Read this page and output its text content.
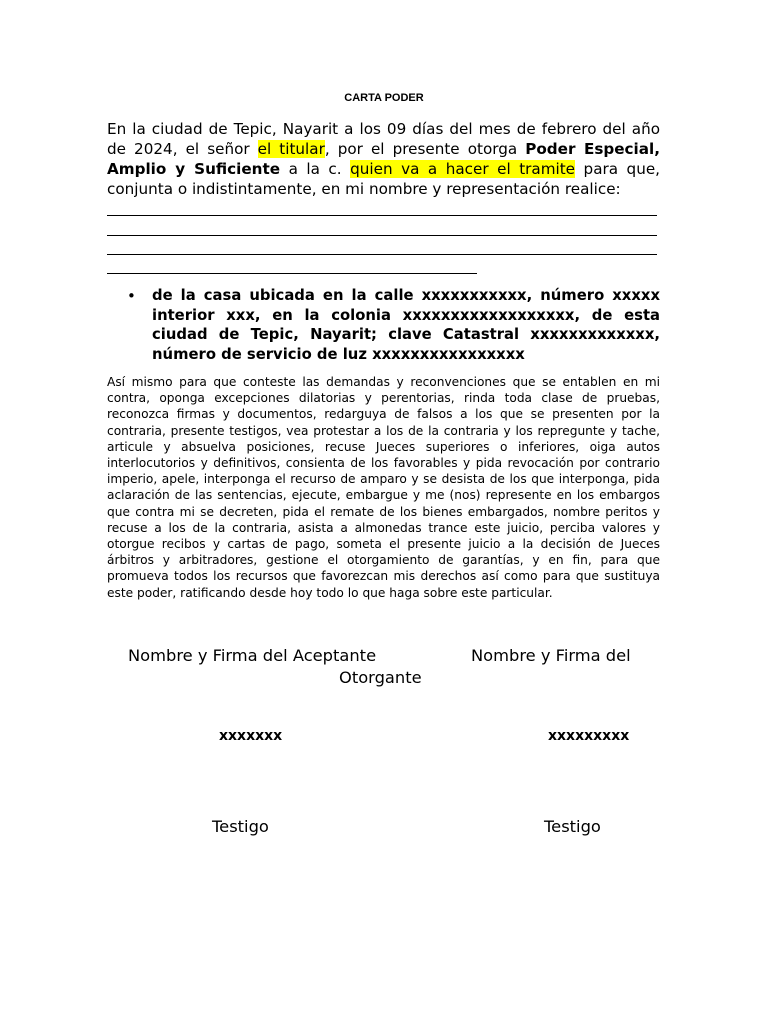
CARTA PODER

En la ciudad de Tepic, Nayarit a los 09 días del mes de febrero del año de 2024, el señor el titular, por el presente otorga Poder Especial, Amplio y Suficiente a la c. quien va a hacer el tramite para que, conjunta o indistintamente, en mi nombre y representación realice:

• de la casa ubicada en la calle xxxxxxxxxxx, número xxxxx interior xxx, en la colonia xxxxxxxxxxxxxxxxxx, de esta ciudad de Tepic, Nayarit; clave Catastral xxxxxxxxxxxxx, número de servicio de luz xxxxxxxxxxxxxxxx

Así mismo para que conteste las demandas y reconvenciones que se entablen en mi contra, oponga excepciones dilatorias y perentorias, rinda toda clase de pruebas, reconozca firmas y documentos, redarguya de falsos a los que se presenten por la contraria, presente testigos, vea protestar a los de la contraria y los repregunte y tache, articule y absuelva posiciones, recuse Jueces superiores o inferiores, oiga autos interlocutorios y definitivos, consienta de los favorables y pida revocación por contrario imperio, apele, interponga el recurso de amparo y se desista de los que interponga, pida aclaración de las sentencias, ejecute, embargue y me (nos) represente en los embargos que contra mi se decreten, pida el remate de los bienes embargados, nombre peritos y recuse a los de la contraria, asista a almonedas trance este juicio, perciba valores y otorgue recibos y cartas de pago, someta el presente juicio a la decisión de Jueces árbitros y arbitradores, gestione el otorgamiento de garantías, y en fin, para que promueva todos los recursos que favorezcan mis derechos así como para que sustituya este poder, ratificando desde hoy todo lo que haga sobre este particular.

Nombre y Firma del Aceptante	Nombre y Firma del
Otorgante
xxxxxxx	xxxxxxxxx
Testigo	Testigo
